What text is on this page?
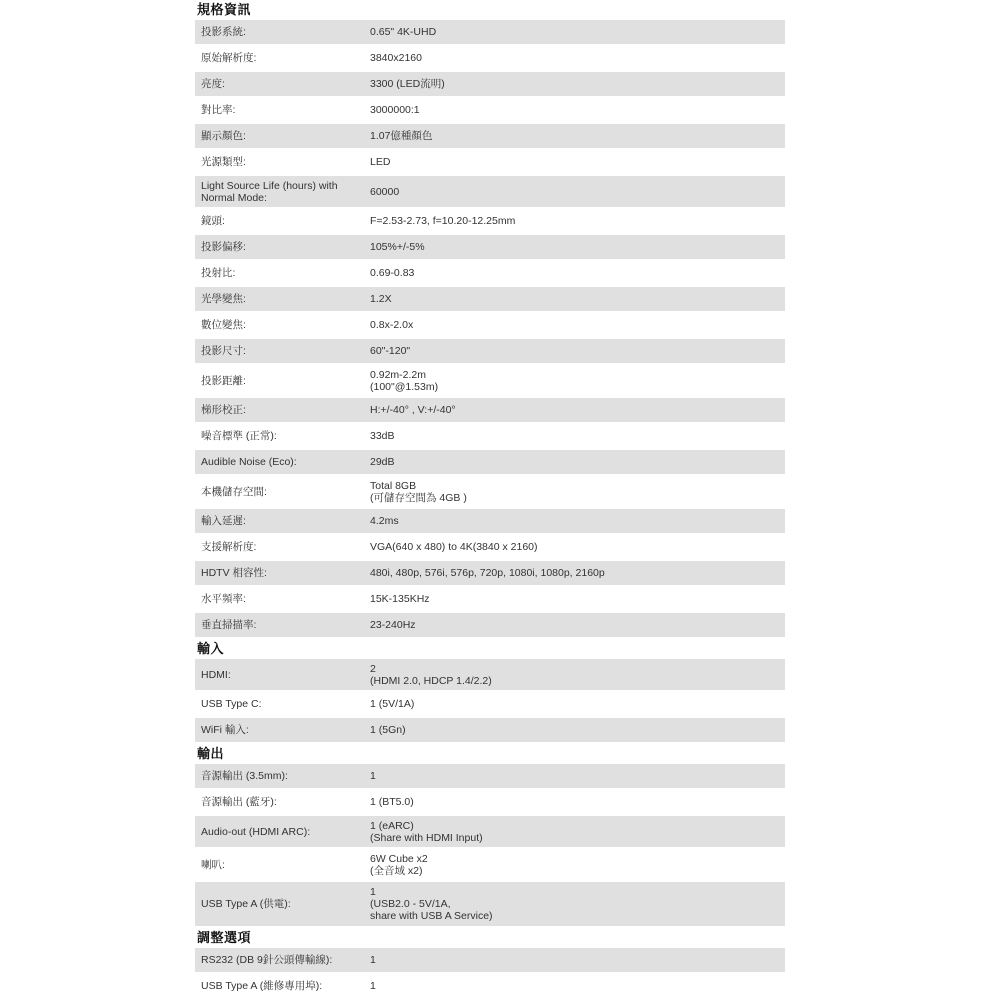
規格資訊
投影系統:	0.65" 4K-UHD
原始解析度:	3840x2160
亮度:	3300 (LED流明)
對比率:	3000000:1
顯示顏色:	1.07億種顏色
光源類型:	LED
Light Source Life (hours) with
Normal Mode:	60000
鏡頭:	F=2.53-2.73, f=10.20-12.25mm
投影偏移:	105%+/-5%
投射比:	0.69-0.83
光學變焦:	1.2X
數位變焦:	0.8x-2.0x
投影尺寸:	60"-120"
投影距離:	0.92m-2.2m
(100"@1.53m)
梯形校正:	H:+/-40° , V:+/-40°
噪音標準 (正常):	33dB
Audible Noise (Eco):	29dB
本機儲存空間:	Total 8GB
(可儲存空間為 4GB )
輸入延遲:	4.2ms
支援解析度:	VGA(640 x 480) to 4K(3840 x 2160)
HDTV 相容性:	480i, 480p, 576i, 576p, 720p, 1080i, 1080p, 2160p
水平頻率:	15K-135KHz
垂直掃描率:	23-240Hz
輸入
HDMI:	2
(HDMI 2.0, HDCP 1.4/2.2)
USB Type C:	1 (5V/1A)
WiFi 輸入:	1 (5Gn)
輸出
音源輸出 (3.5mm):	1
音源輸出 (藍牙):	1 (BT5.0)
Audio-out (HDMI ARC):	1 (eARC)
(Share with HDMI Input)
喇叭:	6W Cube x2
(全音域 x2)
USB Type A (供電):
1
(USB2.0 - 5V/1A,
share with USB A Service)
調整選項
RS232 (DB 9針公頭傳輸線):	1
USB Type A (維修專用埠):	1
